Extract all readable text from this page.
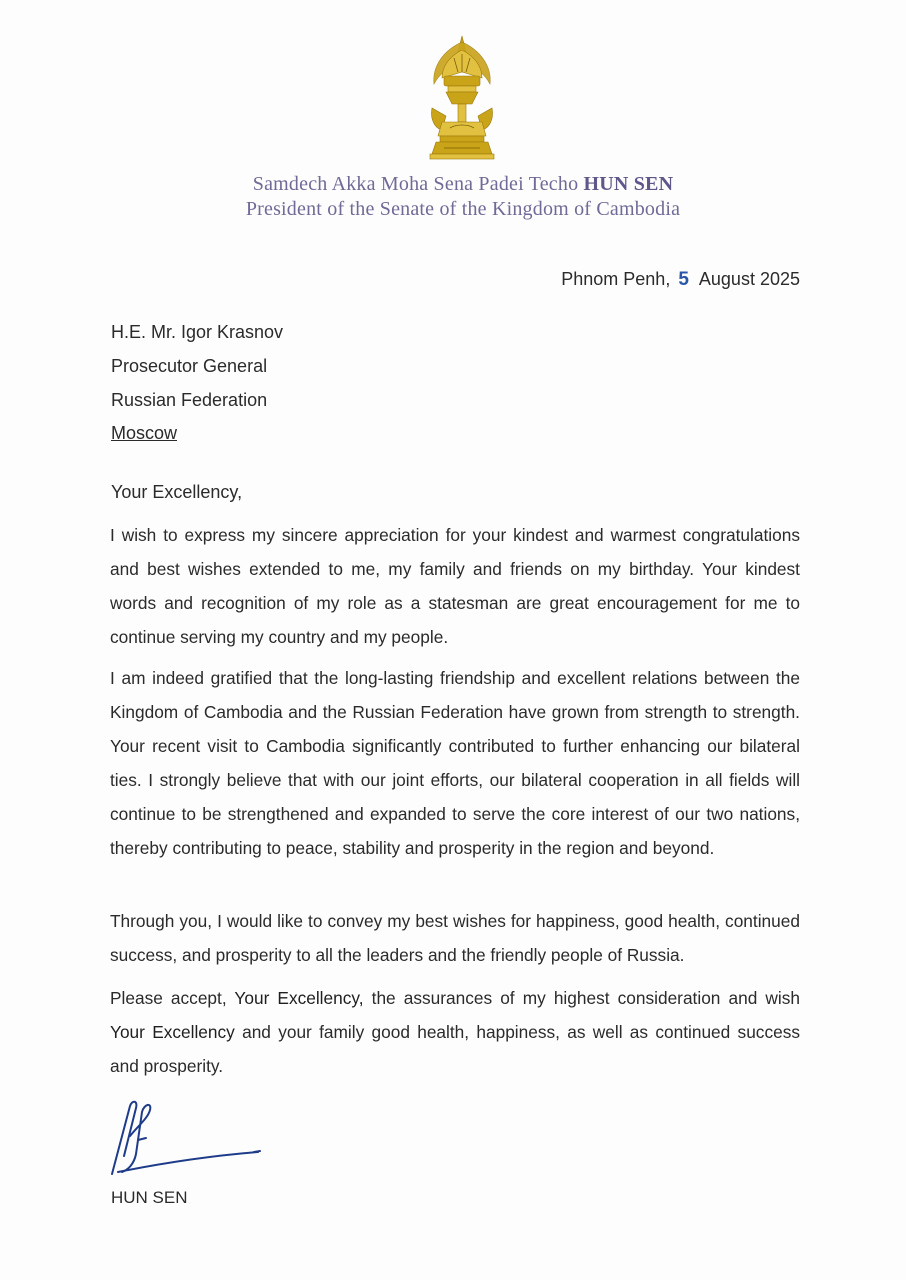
Samdech Akka Moha Sena Padei Techo HUN SEN
President of the Senate of the Kingdom of Cambodia
Phnom Penh, 5 August 2025
H.E. Mr. Igor Krasnov
Prosecutor General
Russian Federation
Moscow
Your Excellency,

I wish to express my sincere appreciation for your kindest and warmest congratulations and best wishes extended to me, my family and friends on my birthday. Your kindest words and recognition of my role as a statesman are great encouragement for me to continue serving my country and my people.

I am indeed gratified that the long-lasting friendship and excellent relations between the Kingdom of Cambodia and the Russian Federation have grown from strength to strength. Your recent visit to Cambodia significantly contributed to further enhancing our bilateral ties. I strongly believe that with our joint efforts, our bilateral cooperation in all fields will continue to be strengthened and expanded to serve the core interest of our two nations, thereby contributing to peace, stability and prosperity in the region and beyond.

Through you, I would like to convey my best wishes for happiness, good health, continued success, and prosperity to all the leaders and the friendly people of Russia.

Please accept, Your Excellency, the assurances of my highest consideration and wish Your Excellency and your family good health, happiness, as well as continued success and prosperity.

HUN SEN
